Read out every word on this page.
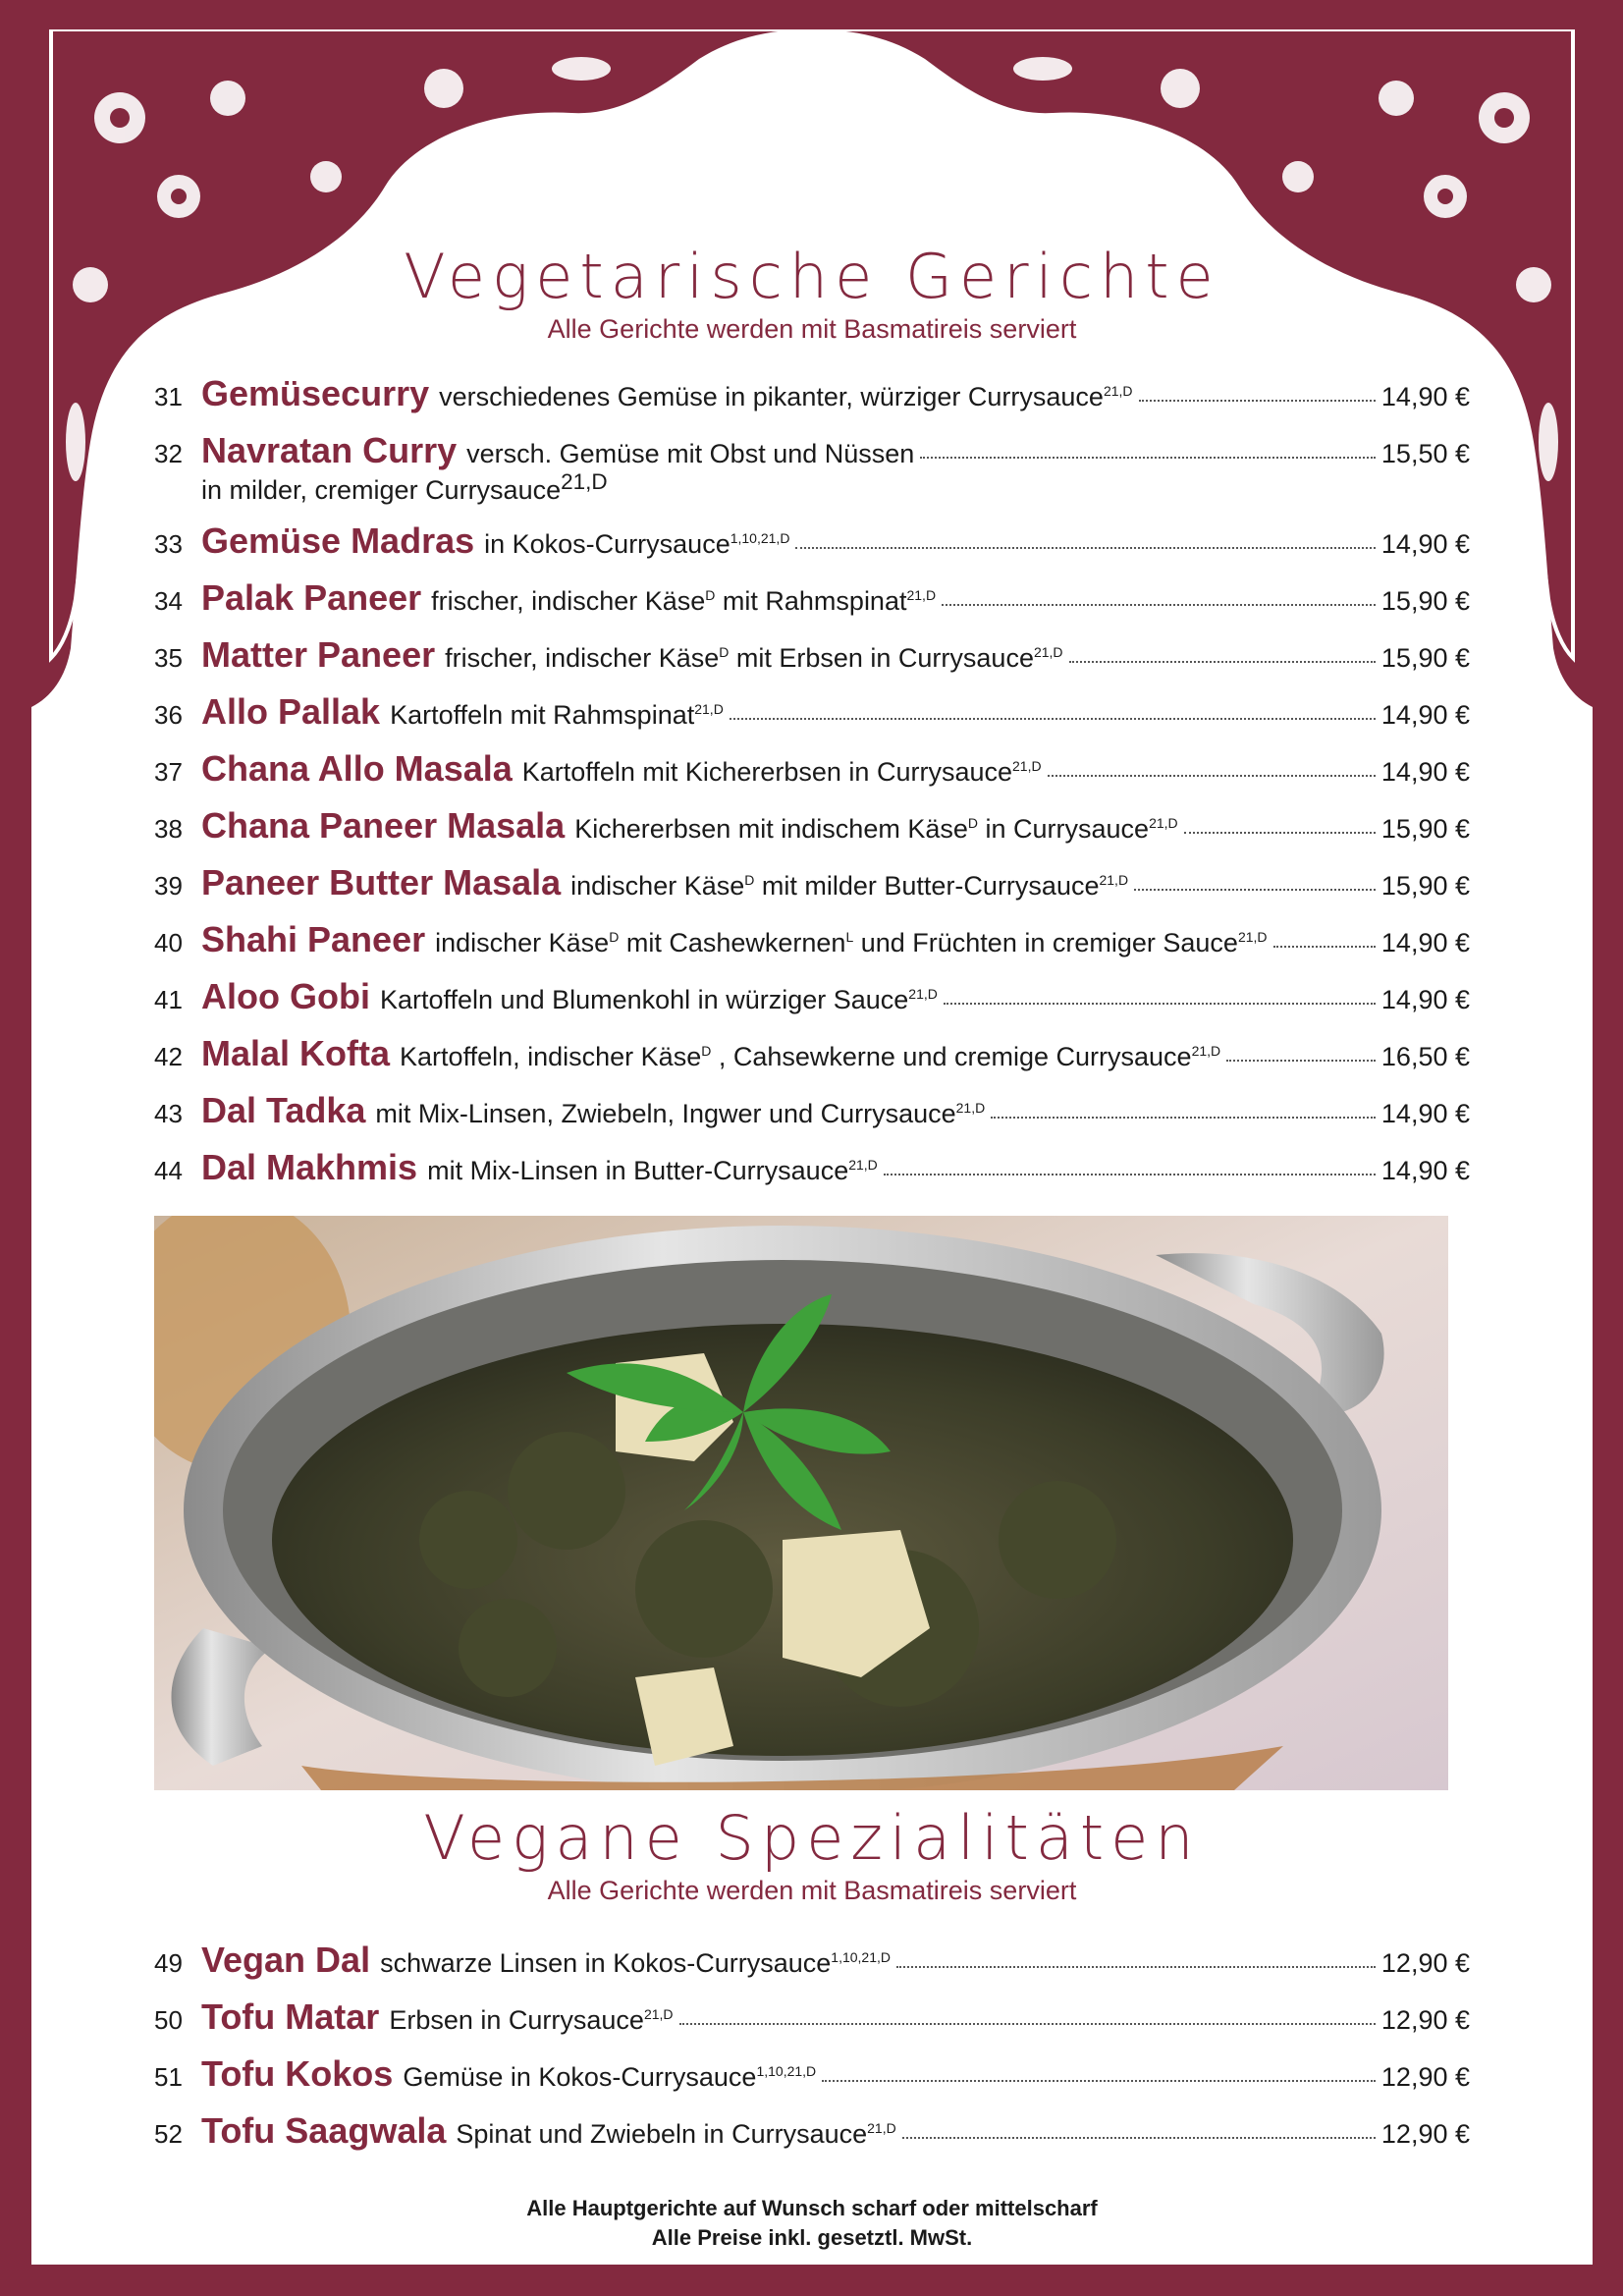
Vegetarische Gerichte
Alle Gerichte werden mit Basmatireis serviert
31 Gemüsecurry verschiedenes Gemüse in pikanter, würziger Currysauce$^{21,D}$	14,90 €
32 Navratan Curry versch. Gemüse mit Obst und Nüssen	15,50 €
in milder, cremiger Currysauce$^{21,D}$
33 Gemüse Madras in Kokos-Currysauce$^{1,10,21,D}$	14,90 €
34 Palak Paneer frischer, indischer Käse$^D$ mit Rahmspinat$^{21,D}$	15,90 €
35 Matter Paneer frischer, indischer Käse$^D$ mit Erbsen in Currysauce$^{21,D}$	15,90 €
36 Allo Pallak Kartoffeln mit Rahmspinat$^{21,D}$	14,90 €
37 Chana Allo Masala Kartoffeln mit Kichererbsen in Currysauce$^{21,D}$	14,90 €
38 Chana Paneer Masala Kichererbsen mit indischem Käse$^D$ in Currysauce$^{21,D}$	15,90 €
39 Paneer Butter Masala indischer Käse$^D$ mit milder Butter-Currysauce$^{21,D}$	15,90 €
40 Shahi Paneer indischer Käse$^D$ mit Cashewkernen$^L$ und Früchten in cremiger Sauce$^{21,D}$	14,90 €
41 Aloo Gobi Kartoffeln und Blumenkohl in würziger Sauce$^{21,D}$	14,90 €
42 Malal Kofta Kartoffeln, indischer Käse$^D$ , Cahsewkerne und cremige Currysauce$^{21,D}$	16,50 €
43 Dal Tadka mit Mix-Linsen, Zwiebeln, Ingwer und Currysauce$^{21,D}$	14,90 €
44 Dal Makhmis mit Mix-Linsen in Butter-Currysauce$^{21,D}$	14,90 €
Vegane Spezialitäten
Alle Gerichte werden mit Basmatireis serviert
49 Vegan Dal schwarze Linsen in Kokos-Currysauce$^{1,10,21,D}$	12,90 €
50 Tofu Matar Erbsen in Currysauce$^{21,D}$	12,90 €
51 Tofu Kokos Gemüse in Kokos-Currysauce$^{1,10,21,D}$	12,90 €
52 Tofu Saagwala Spinat und Zwiebeln in Currysauce$^{21,D}$	12,90 €
Alle Hauptgerichte auf Wunsch scharf oder mittelscharf
Alle Preise inkl. gesetztl. MwSt.
